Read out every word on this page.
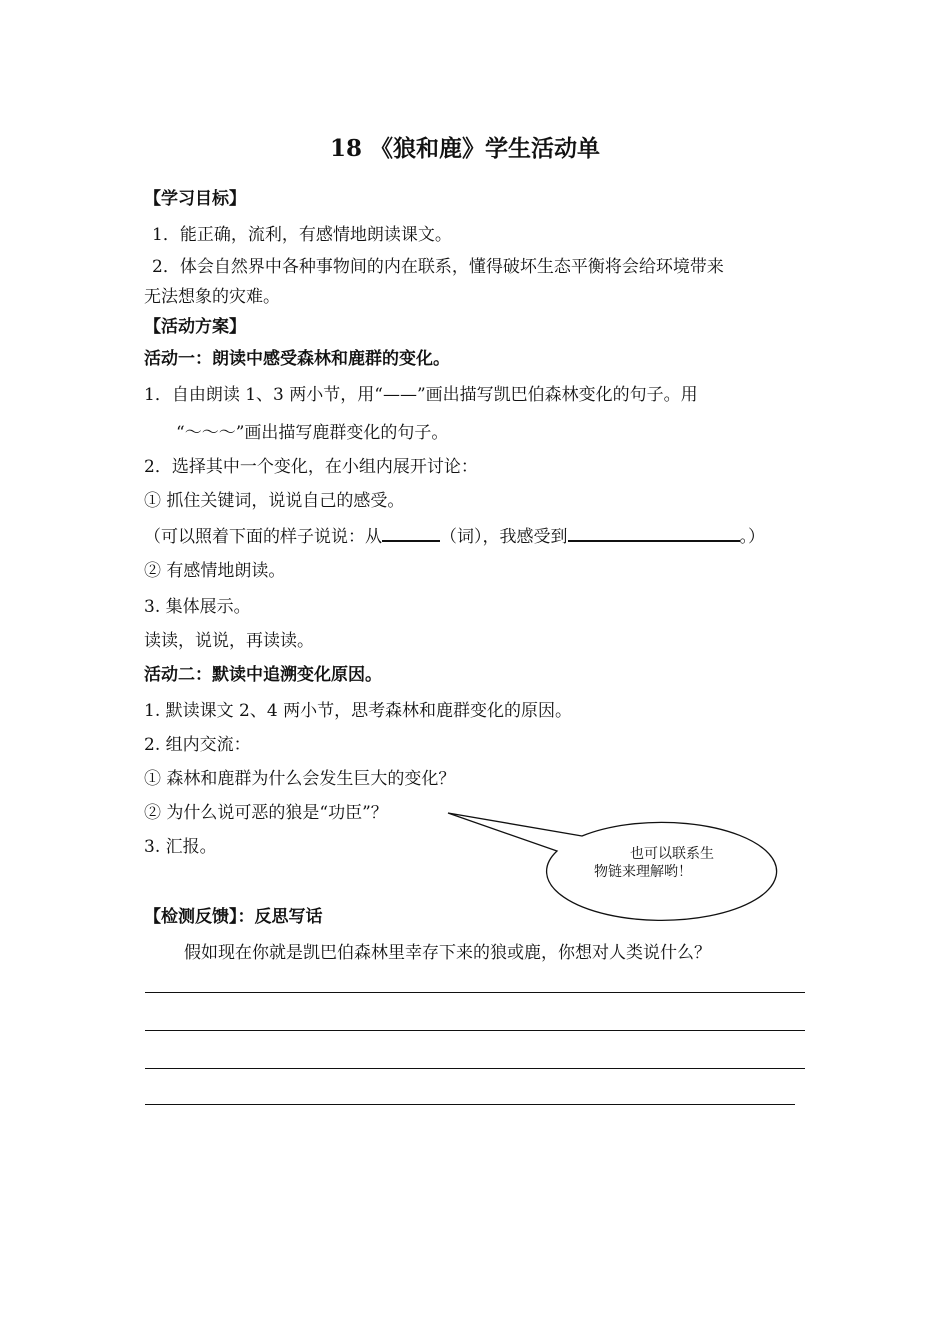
18 《狼和鹿》学生活动单
【学习目标】
1．能正确，流利，有感情地朗读课文。
2．体会自然界中各种事物间的内在联系，懂得破坏生态平衡将会给环境带来
无法想象的灾难。
【活动方案】
活动一：朗读中感受森林和鹿群的变化。
1．自由朗读 1、3 两小节，用“——”画出描写凯巴伯森林变化的句子。用
“～～～”画出描写鹿群变化的句子。
2．选择其中一个变化，在小组内展开讨论：
① 抓住关键词，说说自己的感受。
（可以照着下面的样子说说：从	（词），我感受到	。）
② 有感情地朗读。
3. 集体展示。
读读，说说，再读读。
活动二：默读中追溯变化原因。
1. 默读课文 2、4 两小节，思考森林和鹿群变化的原因。
2. 组内交流：
① 森林和鹿群为什么会发生巨大的变化？
② 为什么说可恶的狼是“功臣”？
3. 汇报。	也可以联系生
物链来理解哟！
【检测反馈】：反思写话
假如现在你就是凯巴伯森林里幸存下来的狼或鹿，你想对人类说什么？
